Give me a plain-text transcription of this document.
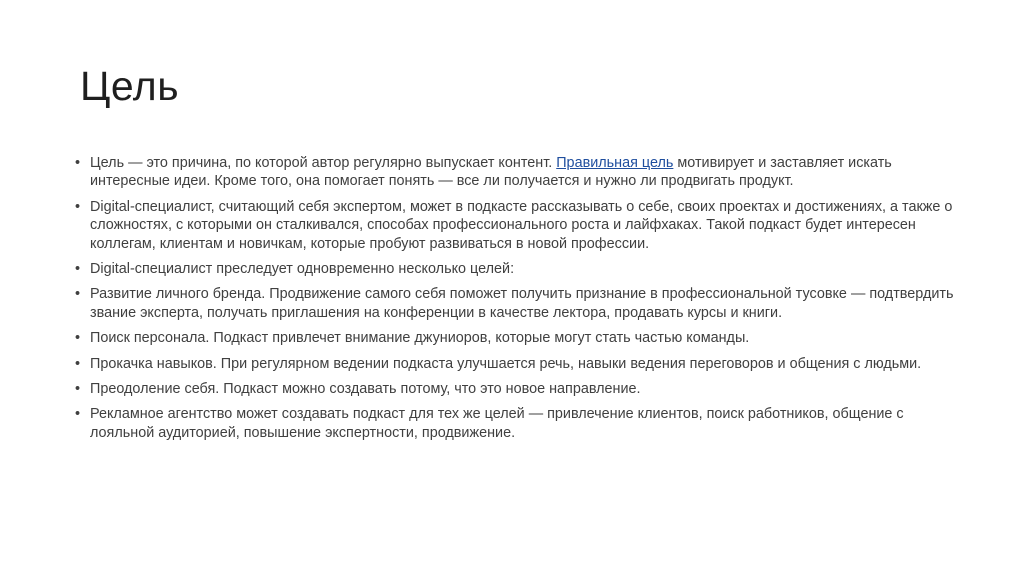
Цель
• Цель — это причина, по которой автор регулярно выпускает контент. Правильная цель мотивирует и заставляет искать интересные идеи. Кроме того, она помогает понять — все ли получается и нужно ли продвигать продукт.
• Digital-специалист, считающий себя экспертом, может в подкасте рассказывать о себе, своих проектах и достижениях, а также о сложностях, с которыми он сталкивался, способах профессионального роста и лайфхаках. Такой подкаст будет интересен коллегам, клиентам и новичкам, которые пробуют развиваться в новой профессии.
• Digital-специалист преследует одновременно несколько целей:
• Развитие личного бренда. Продвижение самого себя поможет получить признание в профессиональной тусовке — подтвердить звание эксперта, получать приглашения на конференции в качестве лектора, продавать курсы и книги.
• Поиск персонала. Подкаст привлечет внимание джуниоров, которые могут стать частью команды.
• Прокачка навыков. При регулярном ведении подкаста улучшается речь, навыки ведения переговоров и общения с людьми.
• Преодоление себя. Подкаст можно создавать потому, что это новое направление.
• Рекламное агентство может создавать подкаст для тех же целей — привлечение клиентов, поиск работников, общение с лояльной аудиторией, повышение экспертности, продвижение.
